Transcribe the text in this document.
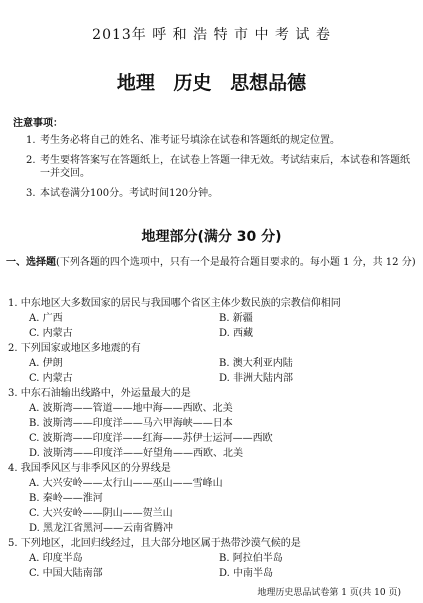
2013年 呼 和 浩 特 市 中 考 试 卷
地理 历史 思想品德
注意事项：
1. 考生务必将自己的姓名、准考证号填涂在试卷和答题纸的规定位置。
2. 考生要将答案写在答题纸上，在试卷上答题一律无效。考试结束后，本试卷和答题纸一并交回。
3. 本试卷满分100分。考试时间120分钟。
地理部分(满分 30 分)
一、选择题(下列各题的四个选项中，只有一个是最符合题目要求的。每小题 1 分，共 12 分)
1. 中东地区大多数国家的居民与我国哪个省区主体少数民族的宗教信仰相同
A. 广西	B. 新疆
C. 内蒙古	D. 西藏
2. 下列国家或地区多地震的有
A. 伊朗	B. 澳大利亚内陆
C. 内蒙古	D. 非洲大陆内部
3. 中东石油输出线路中，外运量最大的是
A. 波斯湾——管道——地中海——西欧、北美
B. 波斯湾——印度洋——马六甲海峡——日本
C. 波斯湾——印度洋——红海——苏伊士运河——西欧
D. 波斯湾——印度洋——好望角——西欧、北美
4. 我国季风区与非季风区的分界线是
A. 大兴安岭——太行山——巫山——雪峰山
B. 秦岭——淮河
C. 大兴安岭——阴山——贺兰山
D. 黑龙江省黑河——云南省腾冲
5. 下列地区，北回归线经过，且大部分地区属于热带沙漠气候的是
A. 印度半岛	B. 阿拉伯半岛
C. 中国大陆南部	D. 中南半岛
地理历史思品试卷第 1 页(共 10 页)
